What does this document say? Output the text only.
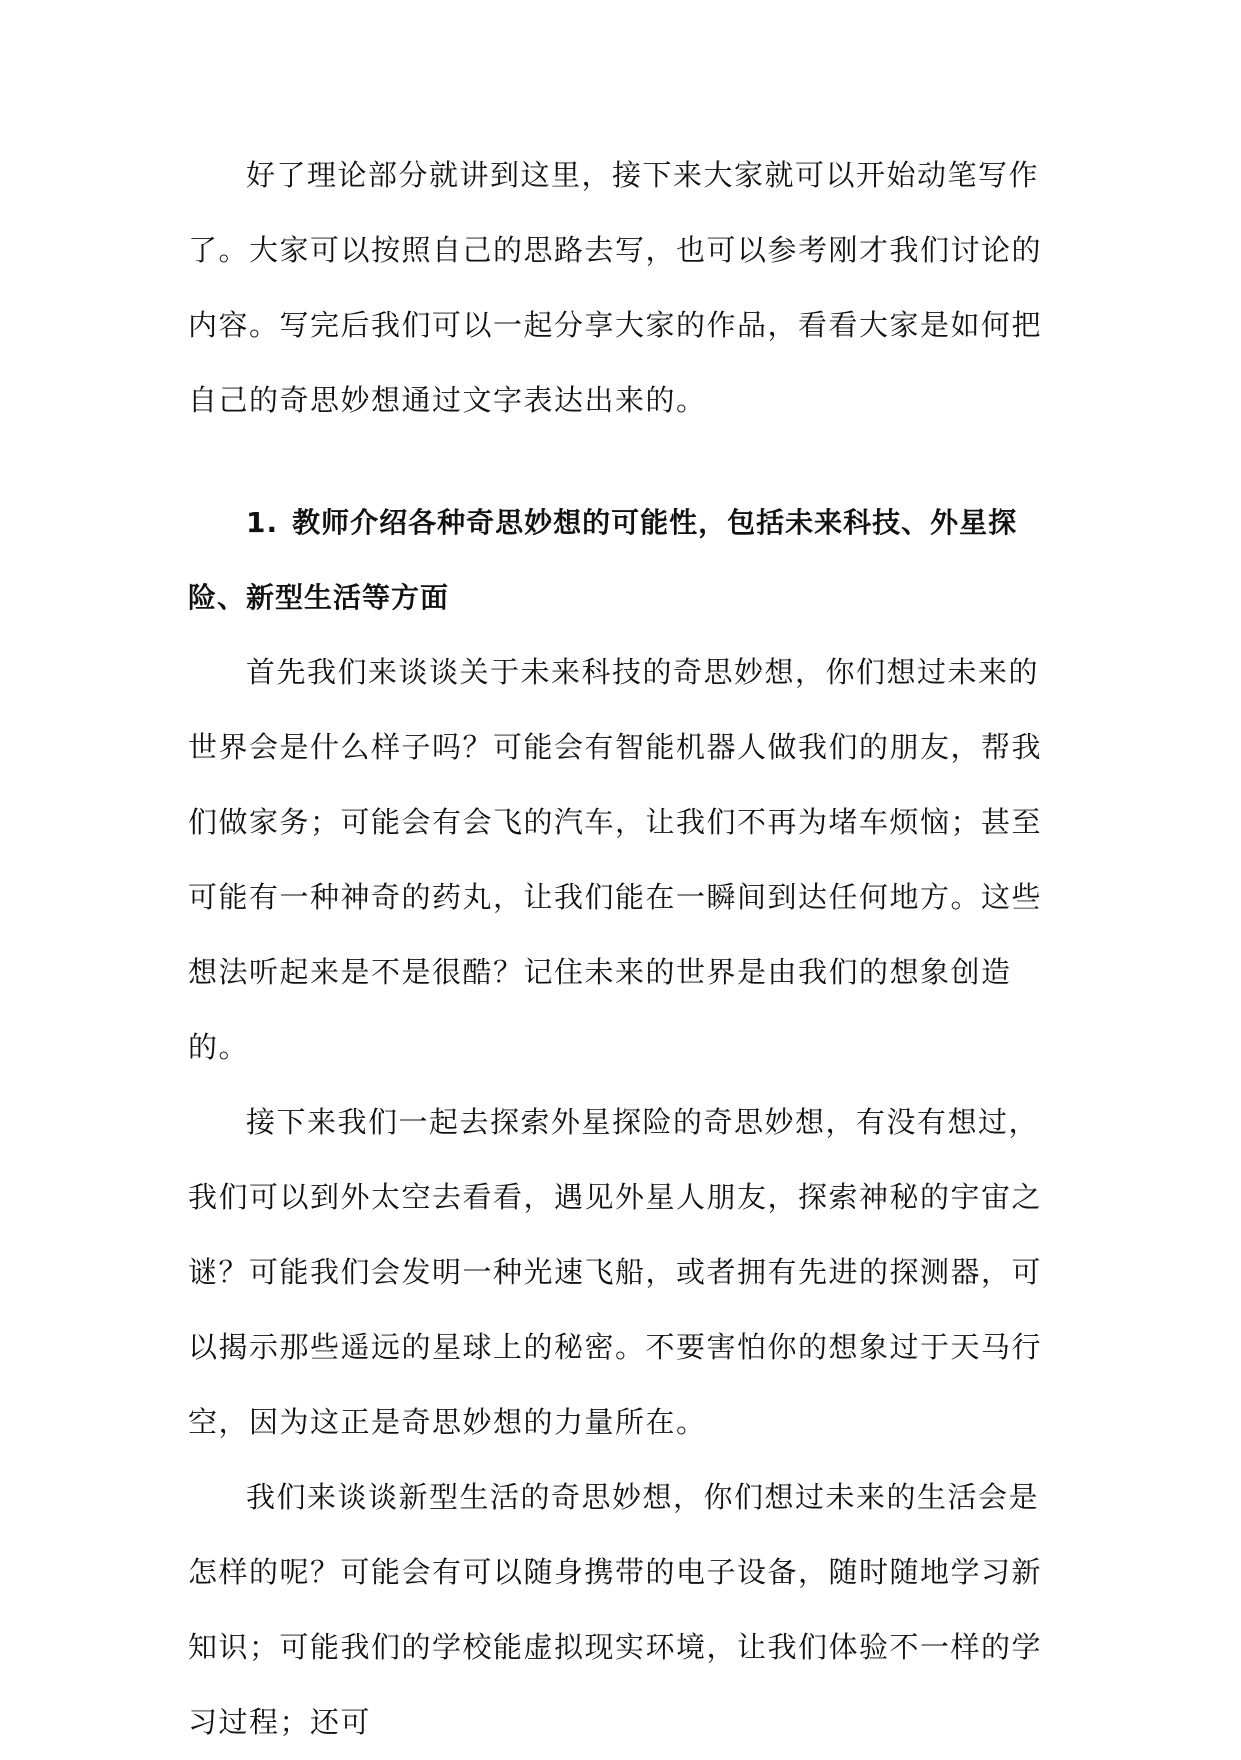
好了理论部分就讲到这里，接下来大家就可以开始动笔写作了。大家可以按照自己的思路去写，也可以参考刚才我们讨论的内容。写完后我们可以一起分享大家的作品，看看大家是如何把自己的奇思妙想通过文字表达出来的。

1. 教师介绍各种奇思妙想的可能性，包括未来科技、外星探险、新型生活等方面

首先我们来谈谈关于未来科技的奇思妙想，你们想过未来的世界会是什么样子吗？可能会有智能机器人做我们的朋友，帮我们做家务；可能会有会飞的汽车，让我们不再为堵车烦恼；甚至可能有一种神奇的药丸，让我们能在一瞬间到达任何地方。这些想法听起来是不是很酷？记住未来的世界是由我们的想象创造的。

接下来我们一起去探索外星探险的奇思妙想，有没有想过，我们可以到外太空去看看，遇见外星人朋友，探索神秘的宇宙之谜？可能我们会发明一种光速飞船，或者拥有先进的探测器，可以揭示那些遥远的星球上的秘密。不要害怕你的想象过于天马行空，因为这正是奇思妙想的力量所在。

我们来谈谈新型生活的奇思妙想，你们想过未来的生活会是怎样的呢？可能会有可以随身携带的电子设备，随时随地学习新知识；可能我们的学校能虚拟现实环境，让我们体验不一样的学习过程；还可
